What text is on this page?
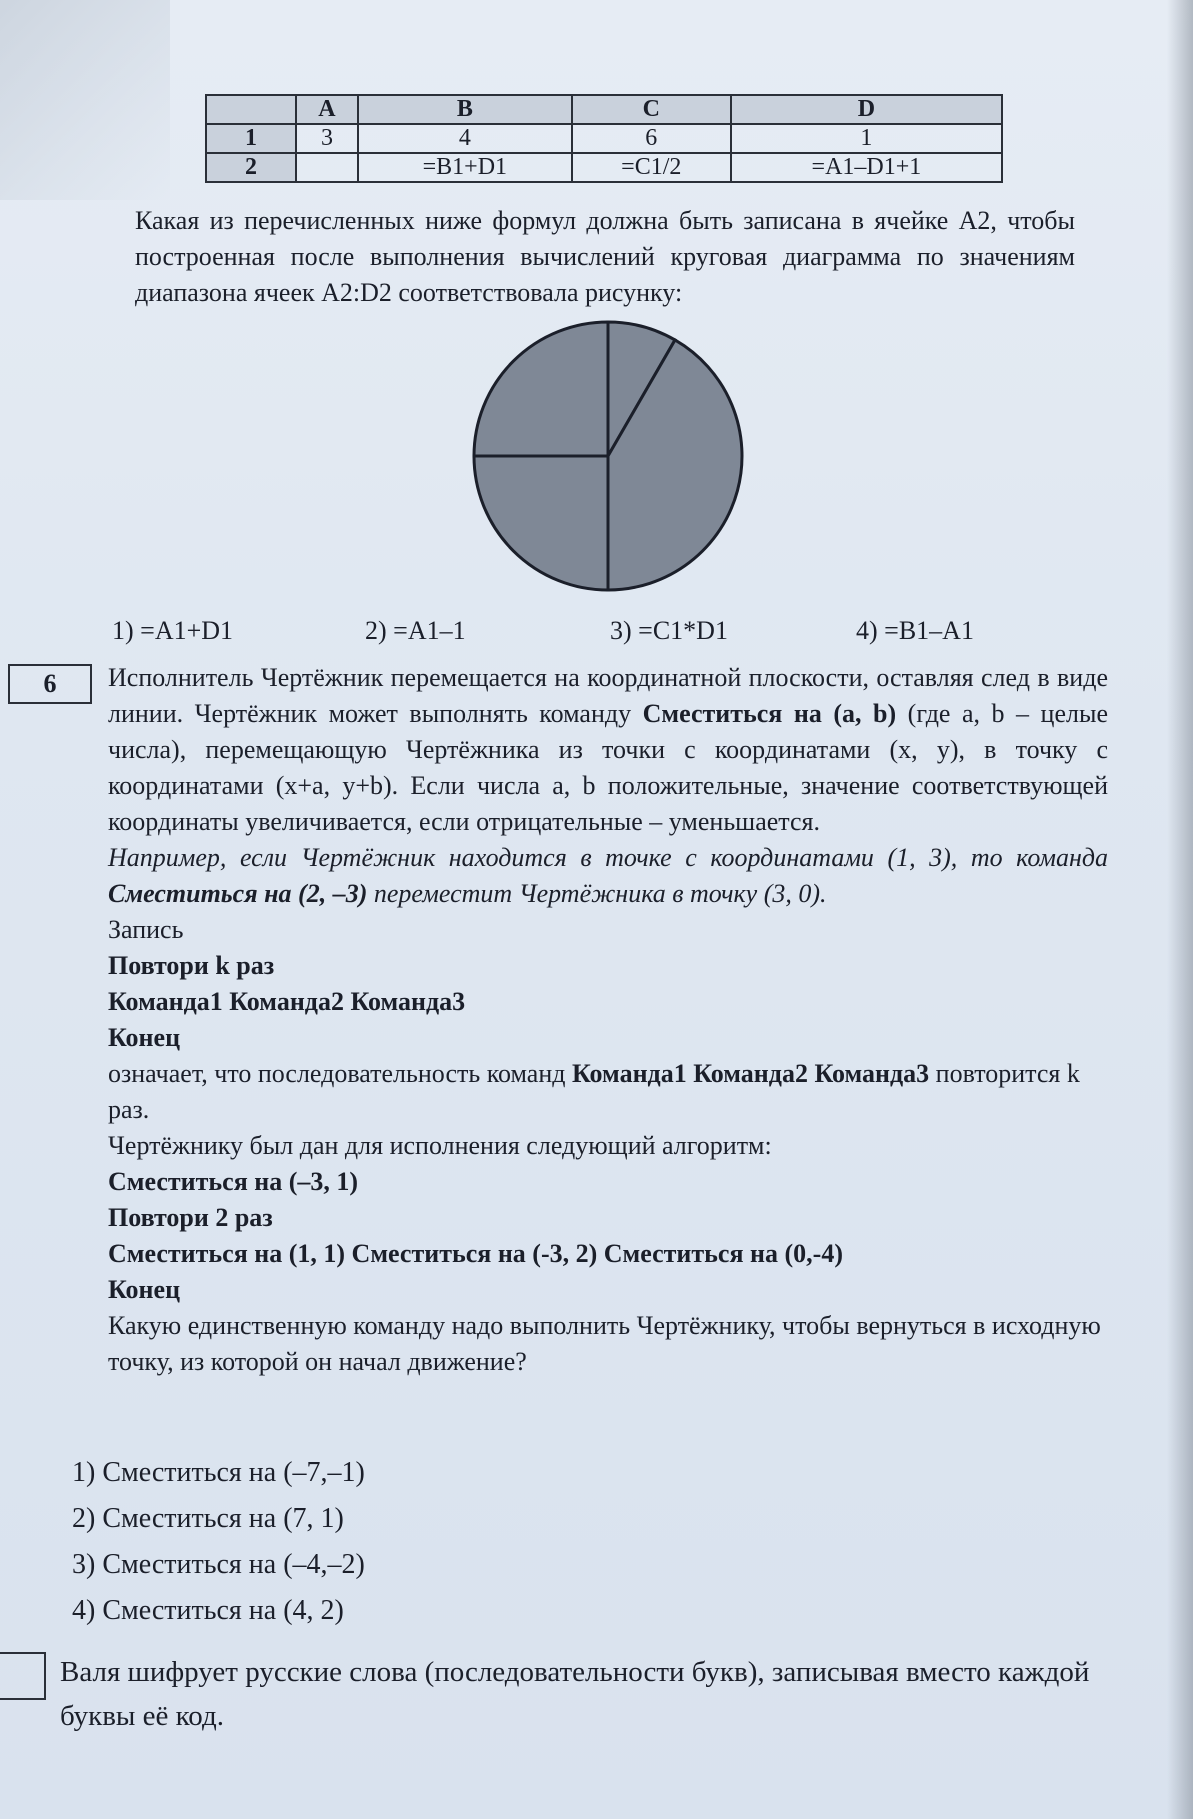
	A	B	C	D
1	3	4	6	1
2		=B1+D1	=C1/2	=A1–D1+1
Какая из перечисленных ниже формул должна быть записана в ячейке А2, чтобы построенная после выполнения вычислений круговая диаграмма по значениям диапазона ячеек A2:D2 соответствовала рисунку:
1) =A1+D1	2) =A1–1	3) =C1*D1	4) =B1–A1
6	Исполнитель Чертёжник перемещается на координатной плоскости, оставляя след в виде линии. Чертёжник может выполнять команду Сместиться на (a, b) (где a, b – целые числа), перемещающую Чертёжника из точки с координатами (x, y), в точку с координатами (x+a, y+b). Если числа a, b положительные, значение соответствующей координаты увеличивается, если отрицательные – уменьшается.

Например, если Чертёжник находится в точке с координатами (1, 3), то команда Сместиться на (2, –3) переместит Чертёжника в точку (3, 0).

Запись

Повтори k раз

Команда1 Команда2 Команда3

Конец

означает, что последовательность команд Команда1 Команда2 Команда3 повторится k раз.

Чертёжнику был дан для исполнения следующий алгоритм:

Сместиться на (–3, 1)

Повтори 2 раз

Сместиться на (1, 1) Сместиться на (-3, 2) Сместиться на (0,-4)

Конец

Какую единственную команду надо выполнить Чертёжнику, чтобы вернуться в исходную точку, из которой он начал движение?

1) Сместиться на (–7,–1)
2) Сместиться на (7, 1)
3) Сместиться на (–4,–2)
4) Сместиться на (4, 2)
Валя шифрует русские слова (последовательности букв), записывая вместо каждой буквы её код.
